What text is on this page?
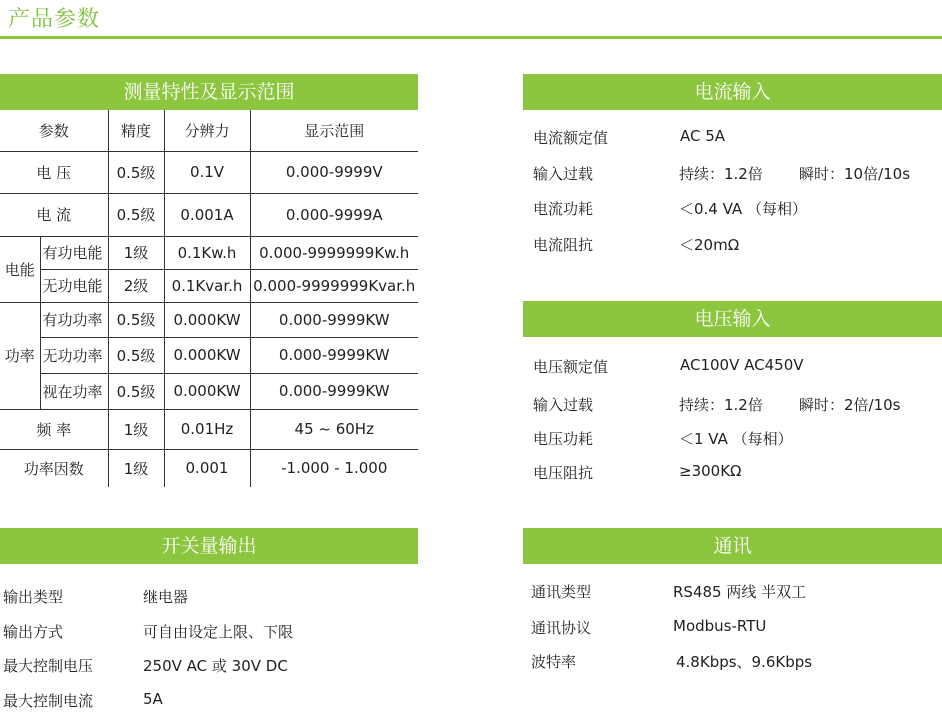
产品参数
测量特性及显示范围
参数		精度	分辨力	显示范围
电 压		0.5级	0.1V	0.000-9999V
电 流		0.5级	0.001A	0.000-9999A
电能	有功电能	1级	0.1Kw.h	0.000-9999999Kw.h
	无功电能	2级	0.1Kvar.h	0.000-9999999Kvar.h
功率	有功功率	0.5级	0.000KW	0.000-9999KW
	无功功率	0.5级	0.000KW	0.000-9999KW
	视在功率	0.5级	0.000KW	0.000-9999KW
频 率		1级	0.01Hz	45 ~ 60Hz
功率因数		1级	0.001	-1.000 - 1.000
开关量输出
输出类型	继电器
输出方式	可自由设定上限、下限
最大控制电压	250V AC 或 30V DC
最大控制电流	5A
电流输入
电流额定值	AC 5A
输入过载	持续：1.2倍 瞬时：10倍/10s
电流功耗	＜0.4 VA （每相）
电流阻抗	＜20mΩ
电压输入
电压额定值	AC100V AC450V
输入过载	持续：1.2倍 瞬时：2倍/10s
电压功耗	＜1 VA （每相）
电压阻抗	≥300KΩ
通讯
通讯类型	RS485 两线 半双工
通讯协议	Modbus-RTU
波特率	4.8Kbps、9.6Kbps
